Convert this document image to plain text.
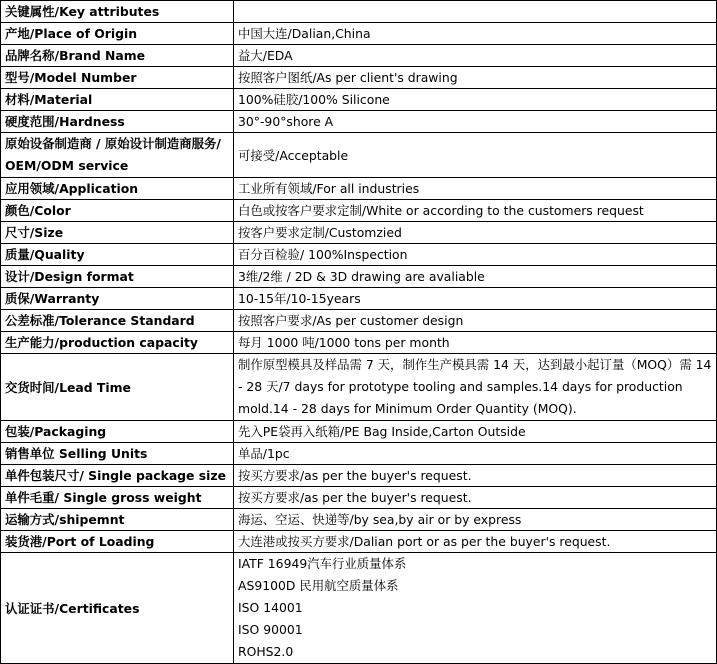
关键属性/Key attributes	
产地/Place of Origin	中国大连/Dalian,China
品牌名称/Brand Name	益大/EDA
型号/Model Number	按照客户图纸/As per client's drawing
材料/Material	100%硅胶/100% Silicone
硬度范围/Hardness	30°-90°shore A
原始设备制造商 / 原始设计制造商服务/ OEM/ODM service	可接受/Acceptable
应用领域/Application	工业所有领域/For all industries
颜色/Color	白色或按客户要求定制/White or according to the customers request
尺寸/Size	按客户要求定制/Customzied
质量/Quality	百分百检验/ 100%Inspection
设计/Design format	3维/2维 / 2D & 3D drawing are avaliable
质保/Warranty	10-15年/10-15years
公差标准/Tolerance Standard	按照客户要求/As per customer design
生产能力/production capacity	每月 1000 吨/1000 tons per month
交货时间/Lead Time	制作原型模具及样品需 7 天，制作生产模具需 14 天，达到最小起订量（MOQ）需 14 - 28 天/7 days for prototype tooling and samples.14 days for production mold.14 - 28 days for Minimum Order Quantity (MOQ).
包装/Packaging	先入PE袋再入纸箱/PE Bag Inside,Carton Outside
销售单位 Selling Units	单品/1pc
单件包装尺寸/ Single package size	按买方要求/as per the buyer's request.
单件毛重/ Single gross weight	按买方要求/as per the buyer's request.
运输方式/shipemnt	海运、空运、快递等/by sea,by air or by express
装货港/Port of Loading	大连港或按买方要求/Dalian port or as per the buyer's request.
认证证书/Certificates	IATF 16949汽车行业质量体系
AS9100D 民用航空质量体系
ISO 14001
ISO 90001
ROHS2.0
